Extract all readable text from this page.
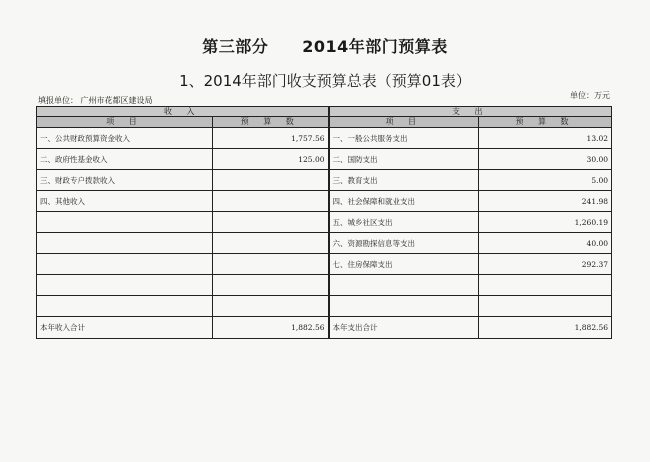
第三部分 2014年部门预算表
1、2014年部门收支预算总表（预算01表）
填报单位： 广州市花都区建设局
单位：万元
收 入		支 出	
项 目	预 算 数	项 目	预 算 数
一、公共财政预算资金收入	1,757.56	一、一般公共服务支出	13.02
二、政府性基金收入	125.00	二、国防支出	30.00
三、财政专户拨款收入		三、教育支出	5.00
四、其他收入		四、社会保障和就业支出	241.98
		五、城乡社区支出	1,260.19
		六、资源勘探信息等支出	40.00
		七、住房保障支出	292.37

本年收入合计	1,882.56	本年支出合计	1,882.56
